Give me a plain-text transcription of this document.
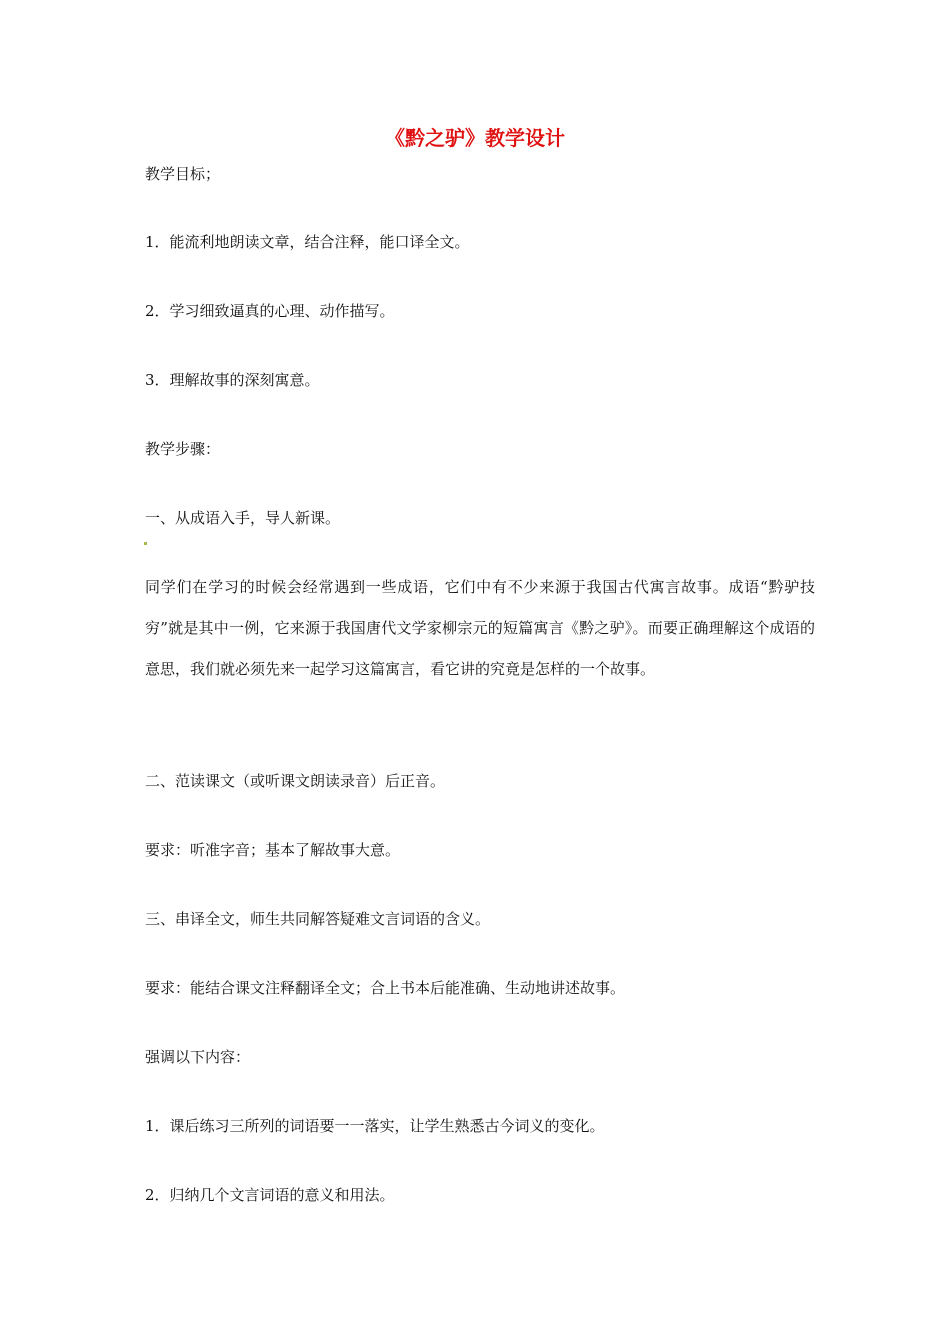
《黔之驴》教学设计
教学目标；
1．能流利地朗读文章，结合注释，能口译全文。
2．学习细致逼真的心理、动作描写。
3．理解故事的深刻寓意。
教学步骤：
一、从成语入手，导人新课。
同学们在学习的时候会经常遇到一些成语，它们中有不少来源于我国古代寓言故事。成语“黔驴技穷”就是其中一例，它来源于我国唐代文学家柳宗元的短篇寓言《黔之驴》。而要正确理解这个成语的意思，我们就必须先来一起学习这篇寓言，看它讲的究竟是怎样的一个故事。
二、范读课文（或听课文朗读录音）后正音。
要求：听准字音；基本了解故事大意。
三、串译全文，师生共同解答疑难文言词语的含义。
要求：能结合课文注释翻译全文；合上书本后能准确、生动地讲述故事。
强调以下内容：
1．课后练习三所列的词语要一一落实，让学生熟悉古今词义的变化。
2．归纳几个文言词语的意义和用法。
